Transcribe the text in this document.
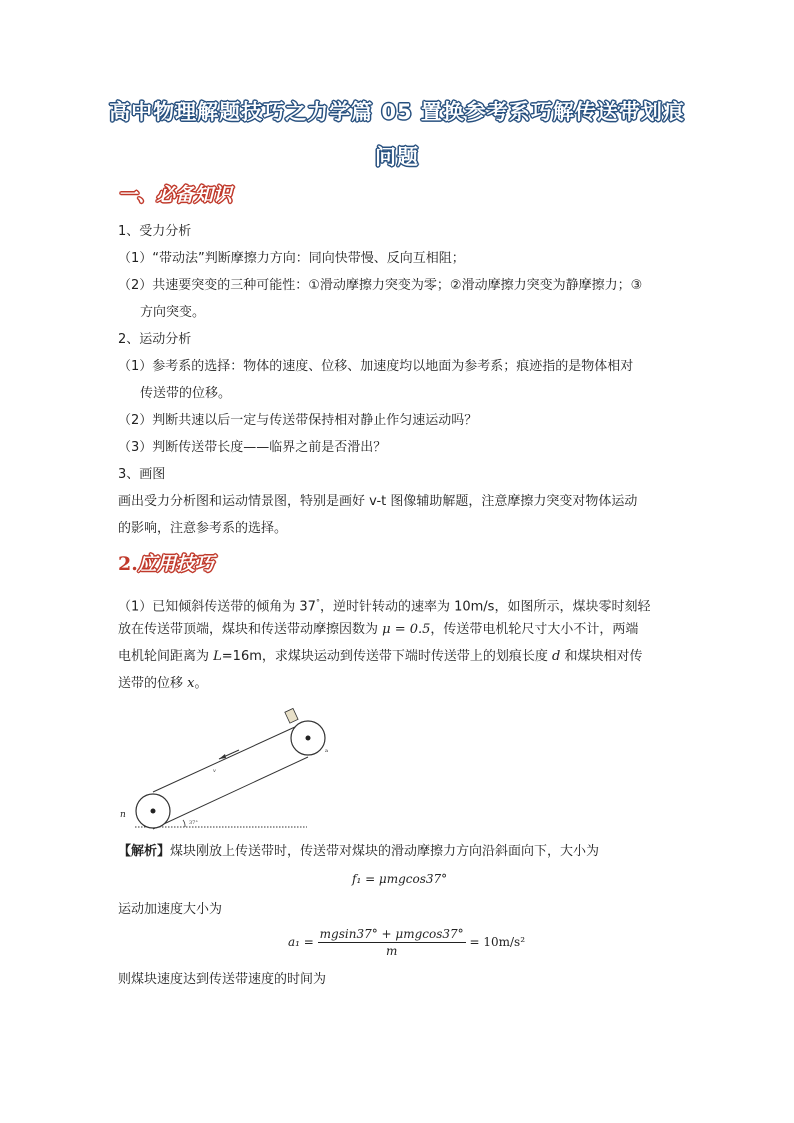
高中物理解题技巧之力学篇 05 置换参考系巧解传送带划痕
问题
一、必备知识
1、受力分析
（1）“带动法”判断摩擦力方向：同向快带慢、反向互相阻；
（2）共速要突变的三种可能性：①滑动摩擦力突变为零；②滑动摩擦力突变为静摩擦力；③
方向突变。
2、运动分析
（1）参考系的选择：物体的速度、位移、加速度均以地面为参考系；痕迹指的是物体相对
传送带的位移。
（2）判断共速以后一定与传送带保持相对静止作匀速运动吗？
（3）判断传送带长度——临界之前是否滑出？
3、画图
画出受力分析图和运动情景图，特别是画好 v-t 图像辅助解题，注意摩擦力突变对物体运动
的影响，注意参考系的选择。
2.应用技巧
（1）已知倾斜传送带的倾角为 37°，逆时针转动的速率为 10m/s，如图所示，煤块零时刻轻
放在传送带顶端，煤块和传送带动摩擦因数为 μ = 0.5，传送带电机轮尺寸大小不计，两端
电机轮间距离为 L=16m，求煤块运动到传送带下端时传送带上的划痕长度 d 和煤块相对传
送带的位移 x。
v
37°
n
a
【解析】煤块刚放上传送带时，传送带对煤块的滑动摩擦力方向沿斜面向下，大小为
f₁ = μmgcos37°
运动加速度大小为
$a_1 = \frac{\text{mgsin37° + μmgcos37°}}{m} = 10m/s^2$
则煤块速度达到传送带速度的时间为
